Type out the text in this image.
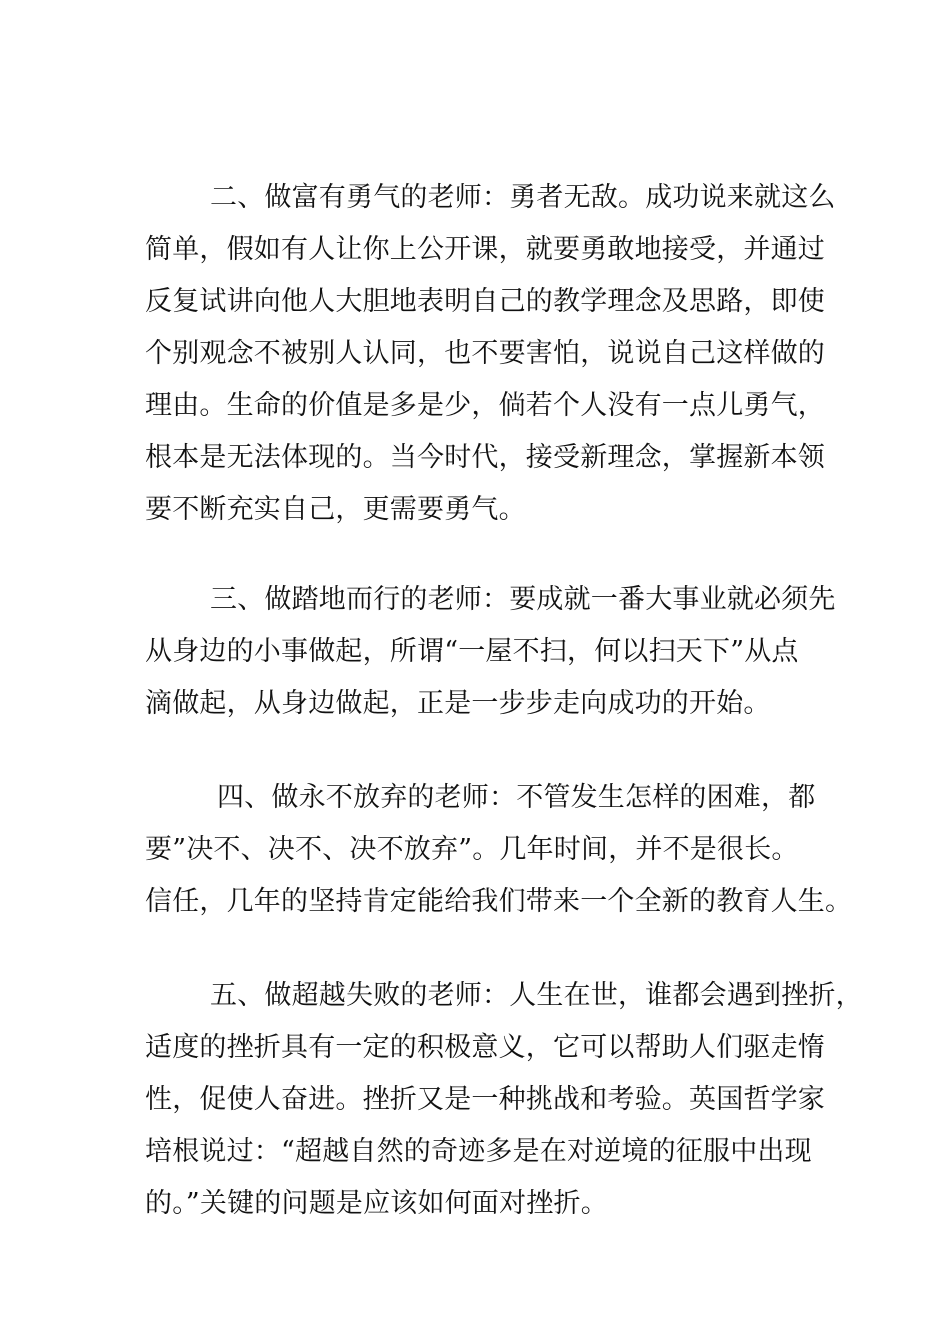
二、做富有勇气的老师：勇者无敌。成功说来就这么
简单，假如有人让你上公开课，就要勇敢地接受，并通过
反复试讲向他人大胆地表明自己的教学理念及思路，即使
个别观念不被别人认同，也不要害怕，说说自己这样做的
理由。生命的价值是多是少，倘若个人没有一点儿勇气，
根本是无法体现的。当今时代，接受新理念，掌握新本领
要不断充实自己，更需要勇气。
三、做踏地而行的老师：要成就一番大事业就必须先
从身边的小事做起，所谓“一屋不扫，何以扫天下”从点
滴做起，从身边做起，正是一步步走向成功的开始。
四、做永不放弃的老师：不管发生怎样的困难，都
要”决不、决不、决不放弃”。几年时间，并不是很长。
信任，几年的坚持肯定能给我们带来一个全新的教育人生。
五、做超越失败的老师：人生在世，谁都会遇到挫折，
适度的挫折具有一定的积极意义，它可以帮助人们驱走惰
性，促使人奋进。挫折又是一种挑战和考验。英国哲学家
培根说过：“超越自然的奇迹多是在对逆境的征服中出现
的。”关键的问题是应该如何面对挫折。
